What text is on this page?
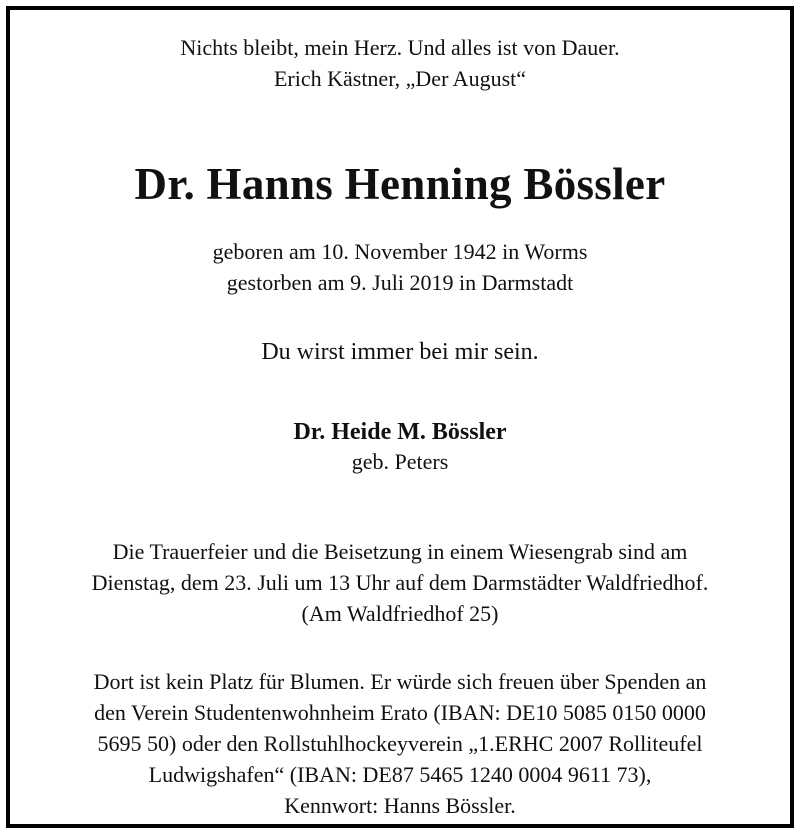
Nichts bleibt, mein Herz. Und alles ist von Dauer.
Erich Kästner, „Der August“
Dr. Hanns Henning Bössler
geboren am 10. November 1942 in Worms
gestorben am 9. Juli 2019 in Darmstadt
Du wirst immer bei mir sein.
Dr. Heide M. Bössler
geb. Peters
Die Trauerfeier und die Beisetzung in einem Wiesengrab sind am
Dienstag, dem 23. Juli um 13 Uhr auf dem Darmstädter Waldfriedhof.
(Am Waldfriedhof 25)
Dort ist kein Platz für Blumen. Er würde sich freuen über Spenden an
den Verein Studentenwohnheim Erato (IBAN: DE10 5085 0150 0000
5695 50) oder den Rollstuhlhockeyverein „1.ERHC 2007 Rolliteufel
Ludwigshafen“ (IBAN: DE87 5465 1240 0004 9611 73),
Kennwort: Hanns Bössler.
